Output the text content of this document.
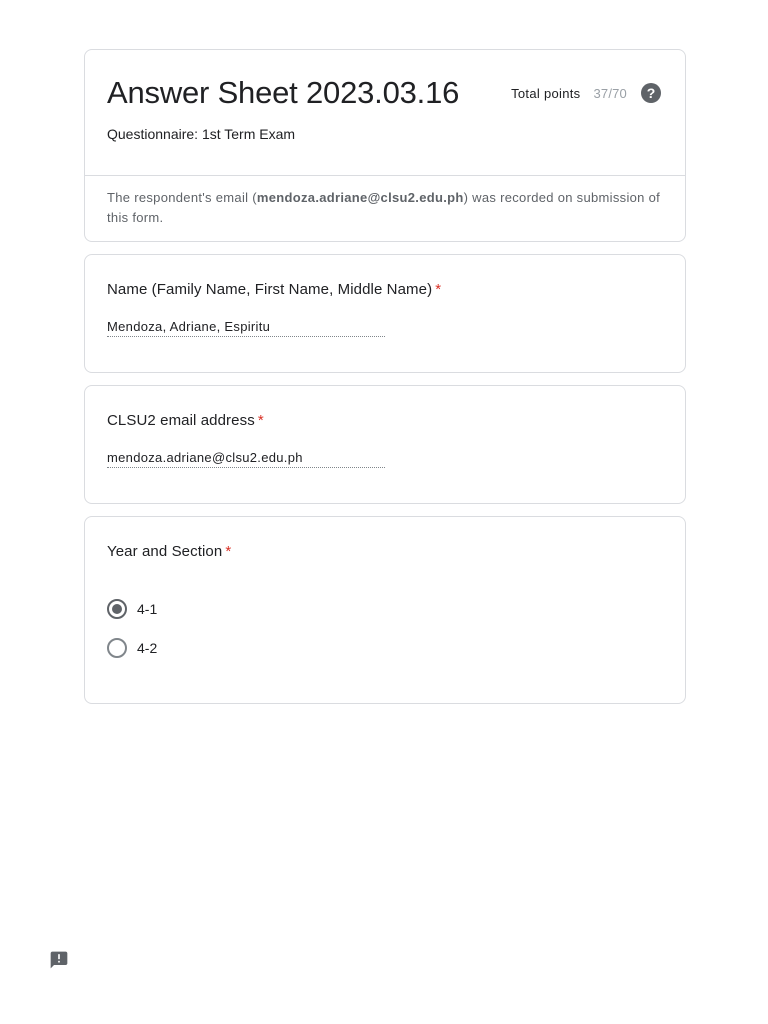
Answer Sheet 2023.03.16	Total points 37/70	?
Questionnaire: 1st Term Exam
The respondent's email (mendoza.adriane@clsu2.edu.ph) was recorded on submission of this form.
Name (Family Name, First Name, Middle Name) *
Mendoza, Adriane, Espiritu
CLSU2 email address *
mendoza.adriane@clsu2.edu.ph
Year and Section *
4-1
4-2
